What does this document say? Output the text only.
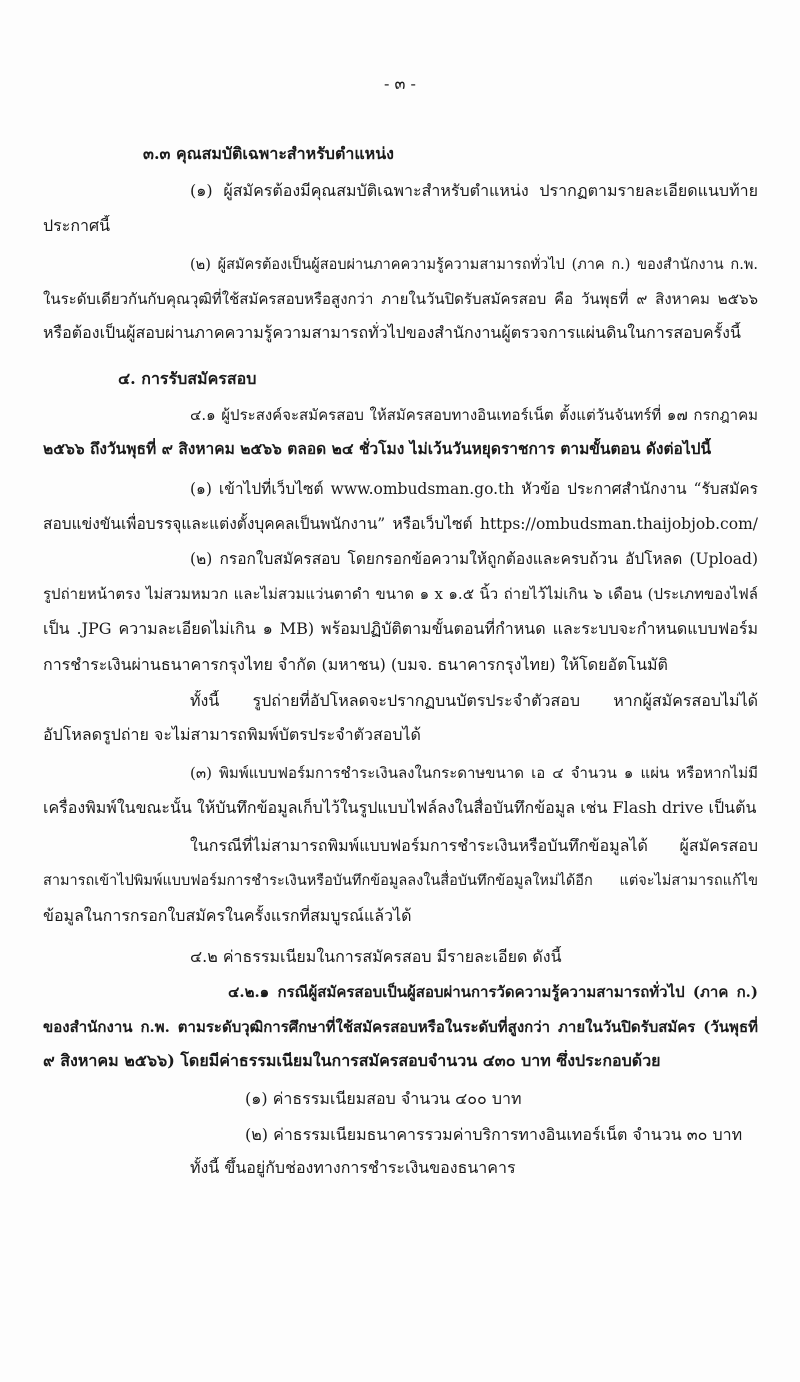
- ๓ -
๓.๓ คุณสมบัติเฉพาะสำหรับตำแหน่ง
(๑) ผู้สมัครต้องมีคุณสมบัติเฉพาะสำหรับตำแหน่ง ปรากฏตามรายละเอียดแนบท้าย
ประกาศนี้
(๒) ผู้สมัครต้องเป็นผู้สอบผ่านภาคความรู้ความสามารถทั่วไป (ภาค ก.) ของสำนักงาน ก.พ.
ในระดับเดียวกันกับคุณวุฒิที่ใช้สมัครสอบหรือสูงกว่า ภายในวันปิดรับสมัครสอบ คือ วันพุธที่ ๙ สิงหาคม ๒๕๖๖
หรือต้องเป็นผู้สอบผ่านภาคความรู้ความสามารถทั่วไปของสำนักงานผู้ตรวจการแผ่นดินในการสอบครั้งนี้
๔. การรับสมัครสอบ
๔.๑ ผู้ประสงค์จะสมัครสอบ ให้สมัครสอบทางอินเทอร์เน็ต ตั้งแต่วันจันทร์ที่ ๑๗ กรกฎาคม
๒๕๖๖ ถึงวันพุธที่ ๙ สิงหาคม ๒๕๖๖ ตลอด ๒๔ ชั่วโมง ไม่เว้นวันหยุดราชการ ตามขั้นตอน ดังต่อไปนี้
(๑) เข้าไปที่เว็บไซต์ www.ombudsman.go.th หัวข้อ ประกาศสำนักงาน “รับสมัคร
สอบแข่งขันเพื่อบรรจุและแต่งตั้งบุคคลเป็นพนักงาน” หรือเว็บไซต์ https://ombudsman.thaijobjob.com/
(๒) กรอกใบสมัครสอบ โดยกรอกข้อความให้ถูกต้องและครบถ้วน อัปโหลด (Upload)
รูปถ่ายหน้าตรง ไม่สวมหมวก และไม่สวมแว่นตาดำ ขนาด ๑ x ๑.๕ นิ้ว ถ่ายไว้ไม่เกิน ๖ เดือน (ประเภทของไฟล์
เป็น .JPG ความละเอียดไม่เกิน ๑ MB) พร้อมปฏิบัติตามขั้นตอนที่กำหนด และระบบจะกำหนดแบบฟอร์ม
การชำระเงินผ่านธนาคารกรุงไทย จำกัด (มหาชน) (บมจ. ธนาคารกรุงไทย) ให้โดยอัตโนมัติ
ทั้งนี้ รูปถ่ายที่อัปโหลดจะปรากฏบนบัตรประจำตัวสอบ หากผู้สมัครสอบไม่ได้
อัปโหลดรูปถ่าย จะไม่สามารถพิมพ์บัตรประจำตัวสอบได้
(๓) พิมพ์แบบฟอร์มการชำระเงินลงในกระดาษขนาด เอ ๔ จำนวน ๑ แผ่น หรือหากไม่มี
เครื่องพิมพ์ในขณะนั้น ให้บันทึกข้อมูลเก็บไว้ในรูปแบบไฟล์ลงในสื่อบันทึกข้อมูล เช่น Flash drive เป็นต้น
ในกรณีที่ไม่สามารถพิมพ์แบบฟอร์มการชำระเงินหรือบันทึกข้อมูลได้ ผู้สมัครสอบ
สามารถเข้าไปพิมพ์แบบฟอร์มการชำระเงินหรือบันทึกข้อมูลลงในสื่อบันทึกข้อมูลใหม่ได้อีก แต่จะไม่สามารถแก้ไข
ข้อมูลในการกรอกใบสมัครในครั้งแรกที่สมบูรณ์แล้วได้
๔.๒ ค่าธรรมเนียมในการสมัครสอบ มีรายละเอียด ดังนี้
๔.๒.๑ กรณีผู้สมัครสอบเป็นผู้สอบผ่านการวัดความรู้ความสามารถทั่วไป (ภาค ก.)
ของสำนักงาน ก.พ. ตามระดับวุฒิการศึกษาที่ใช้สมัครสอบหรือในระดับที่สูงกว่า ภายในวันปิดรับสมัคร (วันพุธที่
๙ สิงหาคม ๒๕๖๖) โดยมีค่าธรรมเนียมในการสมัครสอบจำนวน ๔๓๐ บาท ซึ่งประกอบด้วย
(๑) ค่าธรรมเนียมสอบ จำนวน ๔๐๐ บาท
(๒) ค่าธรรมเนียมธนาคารรวมค่าบริการทางอินเทอร์เน็ต จำนวน ๓๐ บาท
ทั้งนี้ ขึ้นอยู่กับช่องทางการชำระเงินของธนาคาร
